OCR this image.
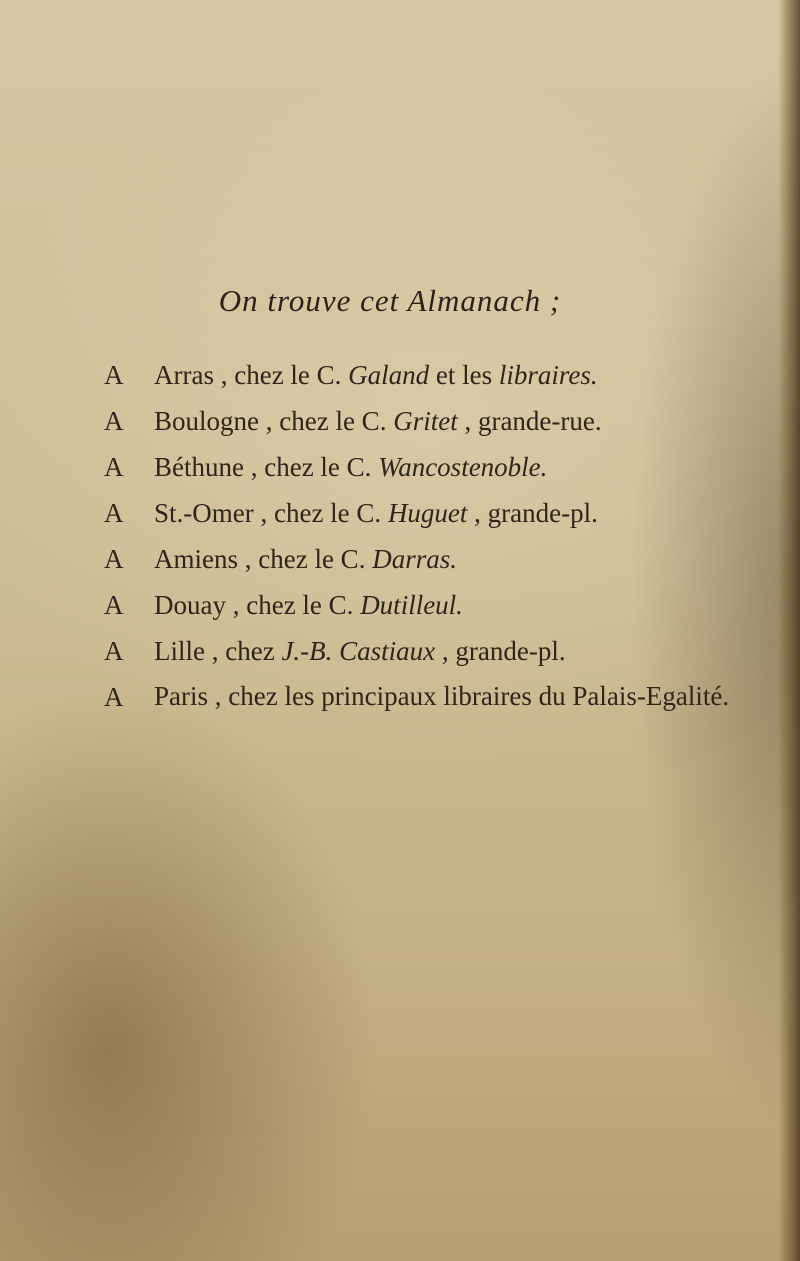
On trouve cet Almanach ;
A	Arras , chez le C. Galand et les libraires.
A	Boulogne , chez le C. Gritet , grande-rue.
A	Béthune , chez le C. Wancostenoble.
A	St.-Omer , chez le C. Huguet , grande-pl.
A	Amiens , chez le C. Darras.
A	Douay , chez le C. Dutilleul.
A	Lille , chez J.-B. Castiaux , grande-pl.
A	Paris , chez les principaux libraires du Palais-Egalité.
